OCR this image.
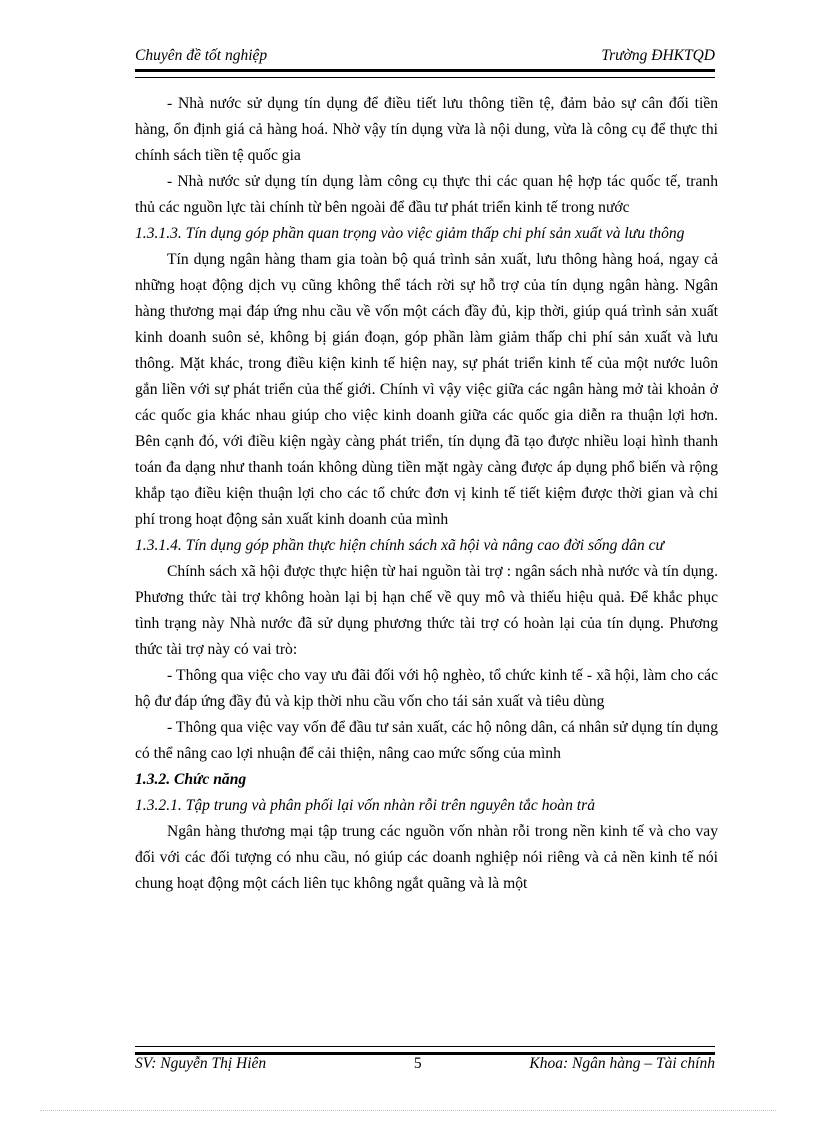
Chuyên đề tốt nghiệp	Trường ĐHKTQD

- Nhà nước sử dụng tín dụng để điều tiết lưu thông tiền tệ, đảm bảo sự cân đối tiền hàng, ổn định giá cả hàng hoá. Nhờ vậy tín dụng vừa là nội dung, vừa là công cụ để thực thi chính sách tiền tệ quốc gia

- Nhà nước sử dụng tín dụng làm công cụ thực thi các quan hệ hợp tác quốc tế, tranh thủ các nguồn lực tài chính từ bên ngoài để đầu tư phát triển kinh tế trong nước

1.3.1.3. Tín dụng góp phần quan trọng vào việc giảm thấp chi phí sản xuất và lưu thông

Tín dụng ngân hàng tham gia toàn bộ quá trình sản xuất, lưu thông hàng hoá, ngay cả những hoạt động dịch vụ cũng không thể tách rời sự hỗ trợ của tín dụng ngân hàng. Ngân hàng thương mại đáp ứng nhu cầu về vốn một cách đầy đủ, kịp thời, giúp quá trình sản xuất kinh doanh suôn sẻ, không bị gián đoạn, góp phần làm giảm thấp chi phí sản xuất và lưu thông. Mặt khác, trong điều kiện kinh tế hiện nay, sự phát triển kinh tế của một nước luôn gắn liền với sự phát triển của thế giới. Chính vì vậy việc giữa các ngân hàng mở tài khoản ở các quốc gia khác nhau giúp cho việc kinh doanh giữa các quốc gia diễn ra thuận lợi hơn. Bên cạnh đó, với điều kiện ngày càng phát triển, tín dụng đã tạo được nhiều loại hình thanh toán đa dạng như thanh toán không dùng tiền mặt ngày càng được áp dụng phổ biến và rộng khắp tạo điều kiện thuận lợi cho các tổ chức đơn vị kinh tế tiết kiệm được thời gian và chi phí trong hoạt động sản xuất kinh doanh của mình

1.3.1.4. Tín dụng góp phần thực hiện chính sách xã hội và nâng cao đời sống dân cư

Chính sách xã hội được thực hiện từ hai nguồn tài trợ : ngân sách nhà nước và tín dụng. Phương thức tài trợ không hoàn lại bị hạn chế về quy mô và thiếu hiệu quả. Để khắc phục tình trạng này Nhà nước đã sử dụng phương thức tài trợ có hoàn lại của tín dụng. Phương thức tài trợ này có vai trò:

- Thông qua việc cho vay ưu đãi đối với hộ nghèo, tổ chức kinh tế - xã hội, làm cho các hộ đư đáp ứng đầy đủ và kịp thời nhu cầu vốn cho tái sản xuất và tiêu dùng

- Thông qua việc vay vốn để đầu tư sản xuất, các hộ nông dân, cá nhân sử dụng tín dụng có thể nâng cao lợi nhuận để cải thiện, nâng cao mức sống của mình

1.3.2. Chức năng

1.3.2.1. Tập trung và phân phối lại vốn nhàn rỗi trên nguyên tắc hoàn trả

Ngân hàng thương mại tập trung các nguồn vốn nhàn rỗi trong nền kinh tế và cho vay đối với các đối tượng có nhu cầu, nó giúp các doanh nghiệp nói riêng và cả nền kinh tế nói chung hoạt động một cách liên tục không ngắt quãng và là một

SV: Nguyễn Thị Hiên	5	Khoa: Ngân hàng – Tài chính
